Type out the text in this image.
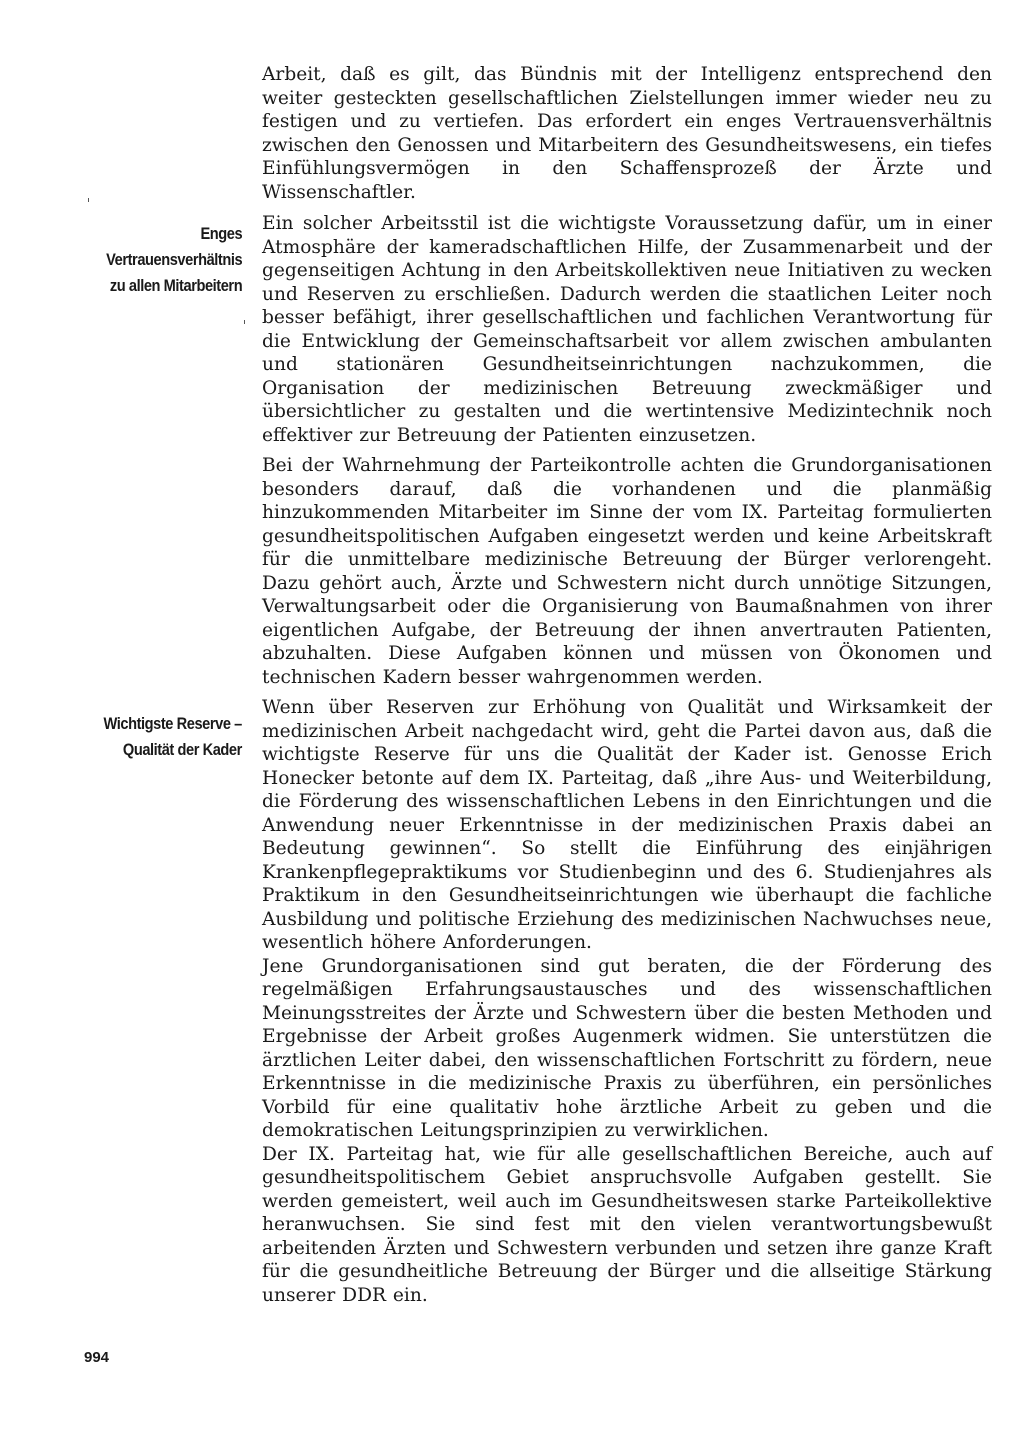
Enges
Vertrauensverhältnis
zu allen Mitarbeitern
Wichtigste Reserve –
Qualität der Kader

Arbeit, daß es gilt, das Bündnis mit der Intelligenz entsprechend den weiter gesteckten gesellschaftlichen Zielstellungen immer wieder neu zu festigen und zu vertiefen. Das erfordert ein enges Vertrauensverhältnis zwischen den Genossen und Mitarbeitern des Gesundheitswesens, ein tiefes Einfühlungsvermögen in den Schaffensprozeß der Ärzte und Wissenschaftler.

Ein solcher Arbeitsstil ist die wichtigste Voraussetzung dafür, um in einer Atmosphäre der kameradschaftlichen Hilfe, der Zusammenarbeit und der gegenseitigen Achtung in den Arbeitskollektiven neue Initiativen zu wecken und Reserven zu erschließen. Dadurch werden die staatlichen Leiter noch besser befähigt, ihrer gesellschaftlichen und fachlichen Verantwortung für die Entwicklung der Gemeinschaftsarbeit vor allem zwischen ambulanten und stationären Gesundheitseinrichtungen nachzukommen, die Organisation der medizinischen Betreuung zweckmäßiger und übersichtlicher zu gestalten und die wertintensive Medizintechnik noch effektiver zur Betreuung der Patienten einzusetzen.

Bei der Wahrnehmung der Parteikontrolle achten die Grundorganisationen besonders darauf, daß die vorhandenen und die planmäßig hinzukommenden Mitarbeiter im Sinne der vom IX. Parteitag formulierten gesundheitspolitischen Aufgaben eingesetzt werden und keine Arbeitskraft für die unmittelbare medizinische Betreuung der Bürger verlorengeht. Dazu gehört auch, Ärzte und Schwestern nicht durch unnötige Sitzungen, Verwaltungsarbeit oder die Organisierung von Baumaßnahmen von ihrer eigentlichen Aufgabe, der Betreuung der ihnen anvertrauten Patienten, abzuhalten. Diese Aufgaben können und müssen von Ökonomen und technischen Kadern besser wahrgenommen werden.

Wenn über Reserven zur Erhöhung von Qualität und Wirksamkeit der medizinischen Arbeit nachgedacht wird, geht die Partei davon aus, daß die wichtigste Reserve für uns die Qualität der Kader ist. Genosse Erich Honecker betonte auf dem IX. Parteitag, daß „ihre Aus- und Weiterbildung, die Förderung des wissenschaftlichen Lebens in den Einrichtungen und die Anwendung neuer Erkenntnisse in der medizinischen Praxis dabei an Bedeutung gewinnen“. So stellt die Einführung des einjährigen Krankenpflegepraktikums vor Studienbeginn und des 6. Studienjahres als Praktikum in den Gesundheitseinrichtungen wie überhaupt die fachliche Ausbildung und politische Erziehung des medizinischen Nachwuchses neue, wesentlich höhere Anforderungen.

Jene Grundorganisationen sind gut beraten, die der Förderung des regelmäßigen Erfahrungsaustausches und des wissenschaftlichen Meinungsstreites der Ärzte und Schwestern über die besten Methoden und Ergebnisse der Arbeit großes Augenmerk widmen. Sie unterstützen die ärztlichen Leiter dabei, den wissenschaftlichen Fortschritt zu fördern, neue Erkenntnisse in die medizinische Praxis zu überführen, ein persönliches Vorbild für eine qualitativ hohe ärztliche Arbeit zu geben und die demokratischen Leitungsprinzipien zu verwirklichen.

Der IX. Parteitag hat, wie für alle gesellschaftlichen Bereiche, auch auf gesundheitspolitischem Gebiet anspruchsvolle Aufgaben gestellt. Sie werden gemeistert, weil auch im Gesundheitswesen starke Parteikollektive heranwuchsen. Sie sind fest mit den vielen verantwortungsbewußt arbeitenden Ärzten und Schwestern verbunden und setzen ihre ganze Kraft für die gesundheitliche Betreuung der Bürger und die allseitige Stärkung unserer DDR ein.

994
